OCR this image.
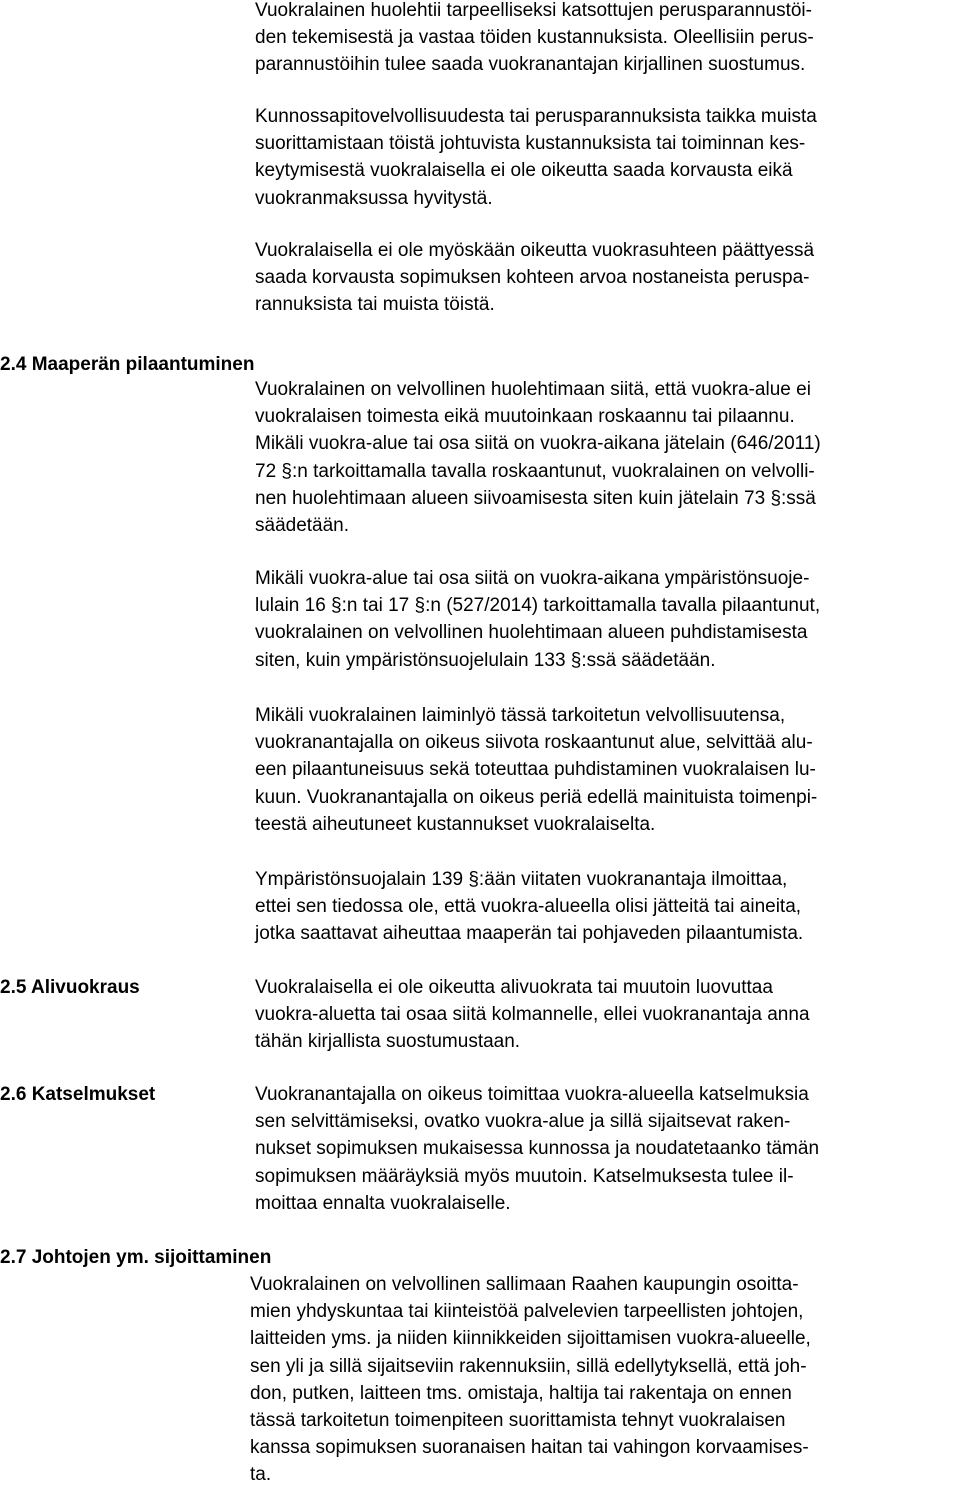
Vuokralainen huolehtii tarpeelliseksi katsottujen perusparannustöi-
den tekemisestä ja vastaa töiden kustannuksista. Oleellisiin perus-
parannustöihin tulee saada vuokranantajan kirjallinen suostumus.
Kunnossapitovelvollisuudesta tai perusparannuksista taikka muista
suorittamistaan töistä johtuvista kustannuksista tai toiminnan kes-
keytymisestä vuokralaisella ei ole oikeutta saada korvausta eikä
vuokranmaksussa hyvitystä.
Vuokralaisella ei ole myöskään oikeutta vuokrasuhteen päättyessä
saada korvausta sopimuksen kohteen arvoa nostaneista peruspa-
rannuksista tai muista töistä.
2.4 Maaperän pilaantuminen
Vuokralainen on velvollinen huolehtimaan siitä, että vuokra-alue ei
vuokralaisen toimesta eikä muutoinkaan roskaannu tai pilaannu.
Mikäli vuokra-alue tai osa siitä on vuokra-aikana jätelain (646/2011)
72 §:n tarkoittamalla tavalla roskaantunut, vuokralainen on velvolli-
nen huolehtimaan alueen siivoamisesta siten kuin jätelain 73 §:ssä
säädetään.
Mikäli vuokra-alue tai osa siitä on vuokra-aikana ympäristönsuoje-
lulain 16 §:n tai 17 §:n (527/2014) tarkoittamalla tavalla pilaantunut,
vuokralainen on velvollinen huolehtimaan alueen puhdistamisesta
siten, kuin ympäristönsuojelulain 133 §:ssä säädetään.
Mikäli vuokralainen laiminlyö tässä tarkoitetun velvollisuutensa,
vuokranantajalla on oikeus siivota roskaantunut alue, selvittää alu-
een pilaantuneisuus sekä toteuttaa puhdistaminen vuokralaisen lu-
kuun. Vuokranantajalla on oikeus periä edellä mainituista toimenpi-
teestä aiheutuneet kustannukset vuokralaiselta.
Ympäristönsuojalain 139 §:ään viitaten vuokranantaja ilmoittaa,
ettei sen tiedossa ole, että vuokra-alueella olisi jätteitä tai aineita,
jotka saattavat aiheuttaa maaperän tai pohjaveden pilaantumista.
2.5 Alivuokraus	Vuokralaisella ei ole oikeutta alivuokrata tai muutoin luovuttaa
vuokra-aluetta tai osaa siitä kolmannelle, ellei vuokranantaja anna
tähän kirjallista suostumustaan.
2.6 Katselmukset	Vuokranantajalla on oikeus toimittaa vuokra-alueella katselmuksia
sen selvittämiseksi, ovatko vuokra-alue ja sillä sijaitsevat raken-
nukset sopimuksen mukaisessa kunnossa ja noudatetaanko tämän
sopimuksen määräyksiä myös muutoin. Katselmuksesta tulee il-
moittaa ennalta vuokralaiselle.
2.7 Johtojen ym. sijoittaminen
Vuokralainen on velvollinen sallimaan Raahen kaupungin osoitta-
mien yhdyskuntaa tai kiinteistöä palvelevien tarpeellisten johtojen,
laitteiden yms. ja niiden kiinnikkeiden sijoittamisen vuokra-alueelle,
sen yli ja sillä sijaitseviin rakennuksiin, sillä edellytyksellä, että joh-
don, putken, laitteen tms. omistaja, haltija tai rakentaja on ennen
tässä tarkoitetun toimenpiteen suorittamista tehnyt vuokralaisen
kanssa sopimuksen suoranaisen haitan tai vahingon korvaamises-
ta.
